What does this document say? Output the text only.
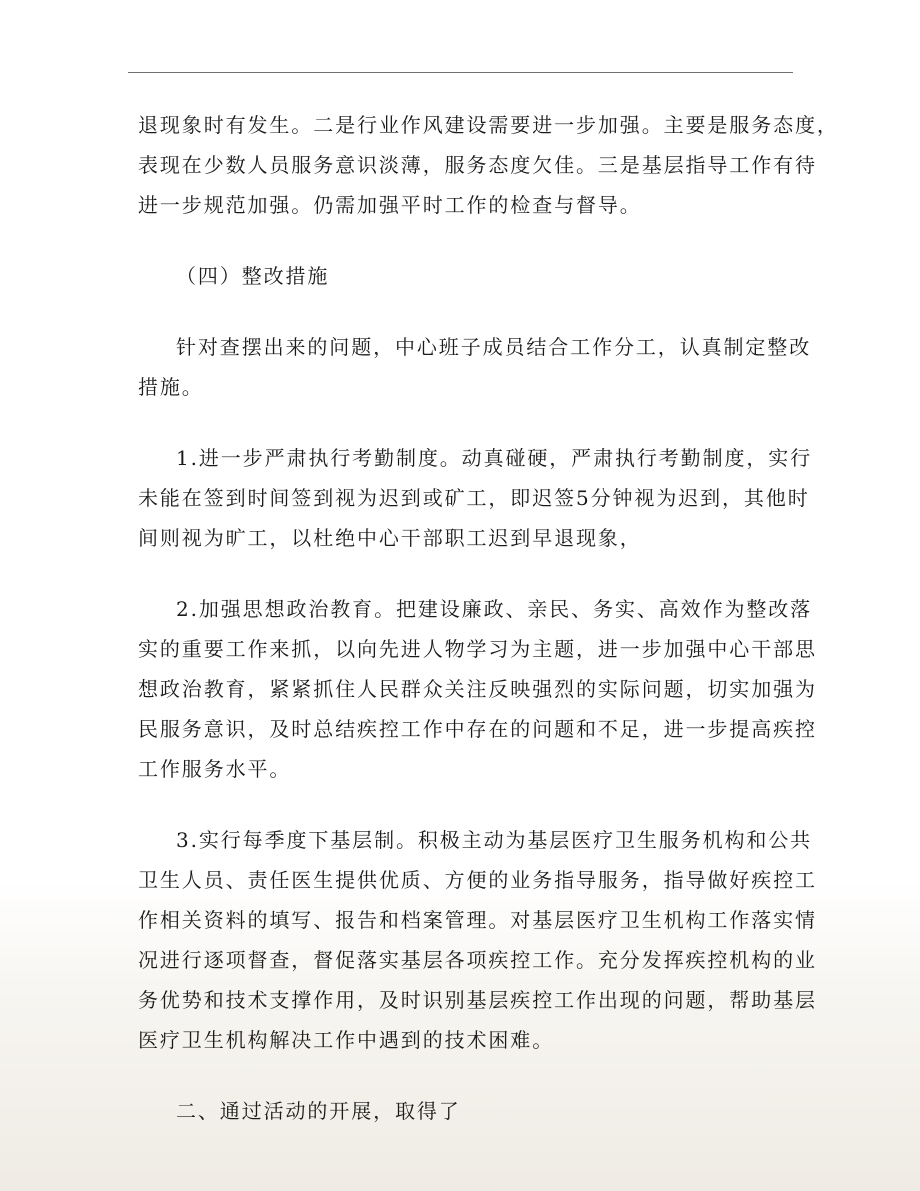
退现象时有发生。二是行业作风建设需要进一步加强。主要是服务态度，
表现在少数人员服务意识淡薄，服务态度欠佳。三是基层指导工作有待
进一步规范加强。仍需加强平时工作的检查与督导。
（四）整改措施
针对查摆出来的问题，中心班子成员结合工作分工，认真制定整改
措施。
1.进一步严肃执行考勤制度。动真碰硬，严肃执行考勤制度，实行
未能在签到时间签到视为迟到或矿工，即迟签5分钟视为迟到，其他时
间则视为旷工，以杜绝中心干部职工迟到早退现象，
2.加强思想政治教育。把建设廉政、亲民、务实、高效作为整改落
实的重要工作来抓，以向先进人物学习为主题，进一步加强中心干部思
想政治教育，紧紧抓住人民群众关注反映强烈的实际问题，切实加强为
民服务意识，及时总结疾控工作中存在的问题和不足，进一步提高疾控
工作服务水平。
3.实行每季度下基层制。积极主动为基层医疗卫生服务机构和公共
卫生人员、责任医生提供优质、方便的业务指导服务，指导做好疾控工
作相关资料的填写、报告和档案管理。对基层医疗卫生机构工作落实情
况进行逐项督查，督促落实基层各项疾控工作。充分发挥疾控机构的业
务优势和技术支撑作用，及时识别基层疾控工作出现的问题，帮助基层
医疗卫生机构解决工作中遇到的技术困难。
二、通过活动的开展，取得了
